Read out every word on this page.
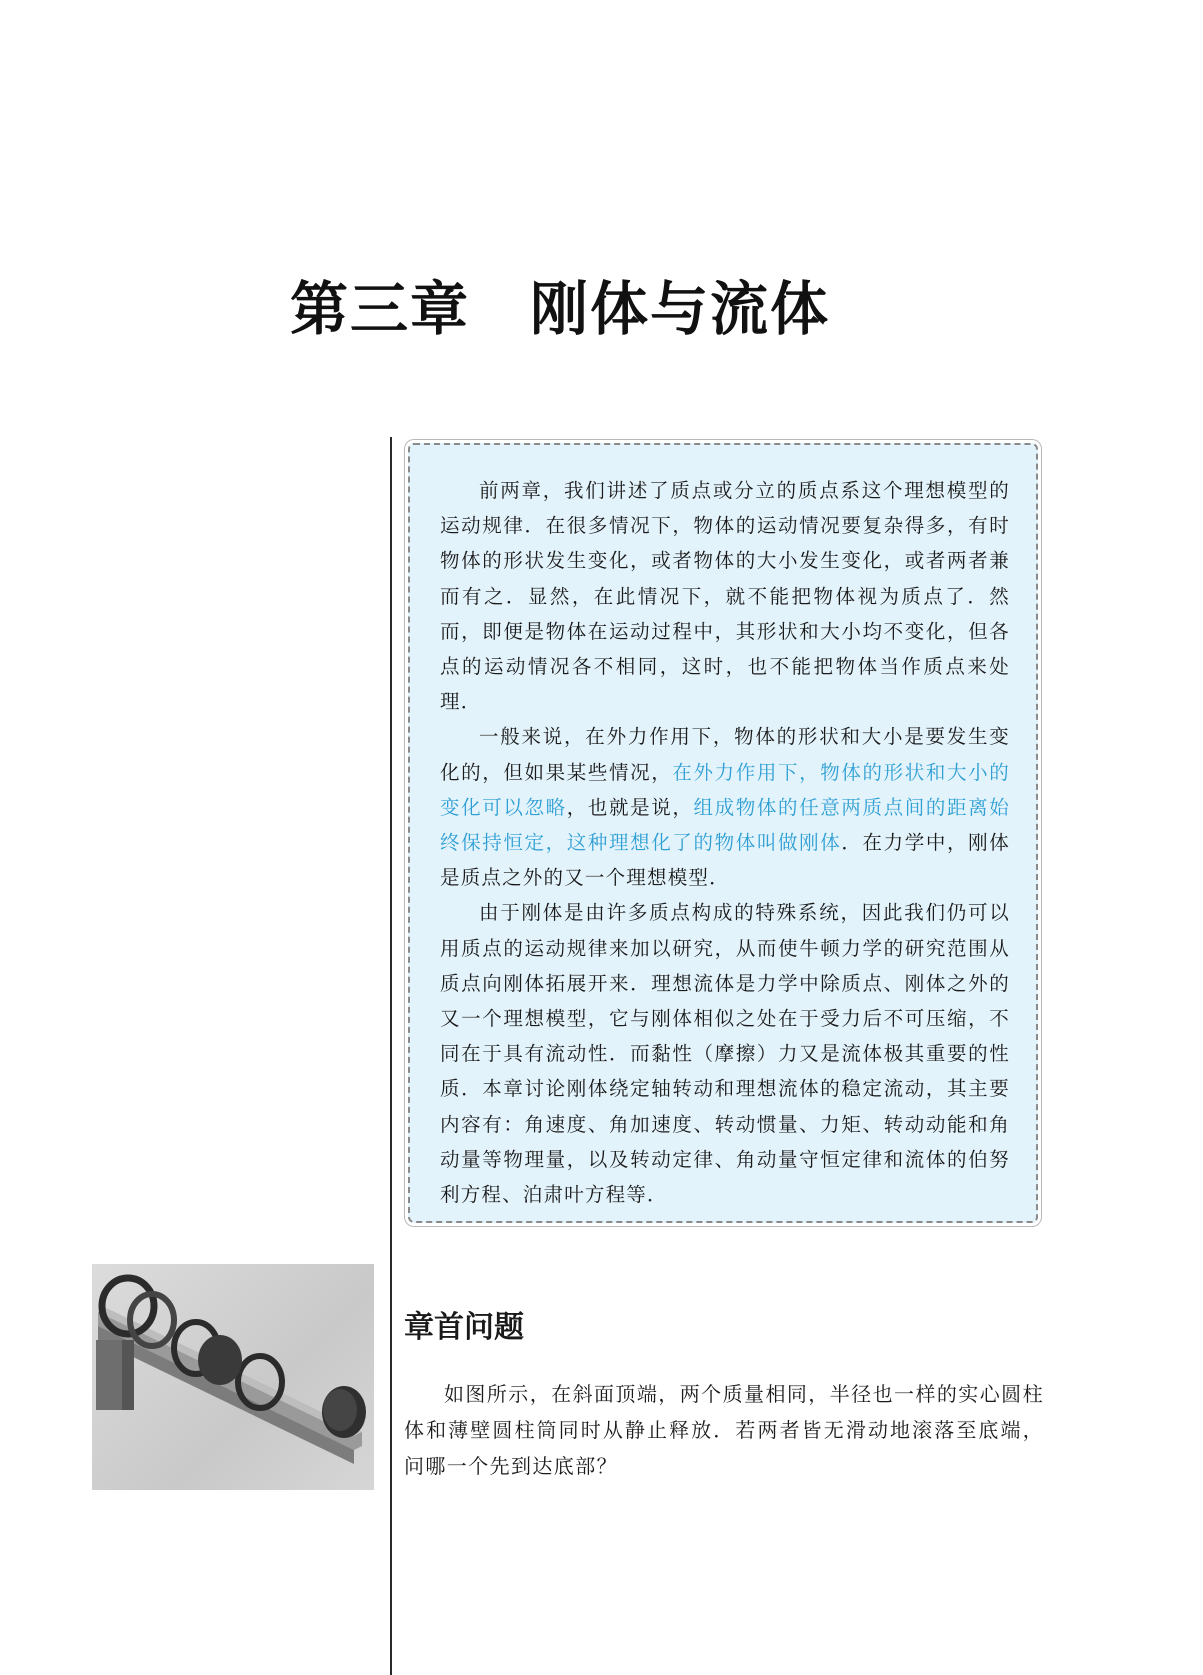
第三章　刚体与流体

前两章，我们讲述了质点或分立的质点系这个理想模型的运动规律．在很多情况下，物体的运动情况要复杂得多，有时物体的形状发生变化，或者物体的大小发生变化，或者两者兼而有之．显然，在此情况下，就不能把物体视为质点了．然而，即便是物体在运动过程中，其形状和大小均不变化，但各点的运动情况各不相同，这时，也不能把物体当作质点来处理．

一般来说，在外力作用下，物体的形状和大小是要发生变化的，但如果某些情况，在外力作用下，物体的形状和大小的变化可以忽略，也就是说，组成物体的任意两质点间的距离始终保持恒定，这种理想化了的物体叫做刚体．在力学中，刚体是质点之外的又一个理想模型．

由于刚体是由许多质点构成的特殊系统，因此我们仍可以用质点的运动规律来加以研究，从而使牛顿力学的研究范围从质点向刚体拓展开来．理想流体是力学中除质点、刚体之外的又一个理想模型，它与刚体相似之处在于受力后不可压缩，不同在于具有流动性．而黏性（摩擦）力又是流体极其重要的性质．本章讨论刚体绕定轴转动和理想流体的稳定流动，其主要内容有：角速度、角加速度、转动惯量、力矩、转动动能和角动量等物理量，以及转动定律、角动量守恒定律和流体的伯努利方程、泊肃叶方程等．

章首问题

如图所示，在斜面顶端，两个质量相同，半径也一样的实心圆柱体和薄壁圆柱筒同时从静止释放．若两者皆无滑动地滚落至底端，问哪一个先到达底部？
